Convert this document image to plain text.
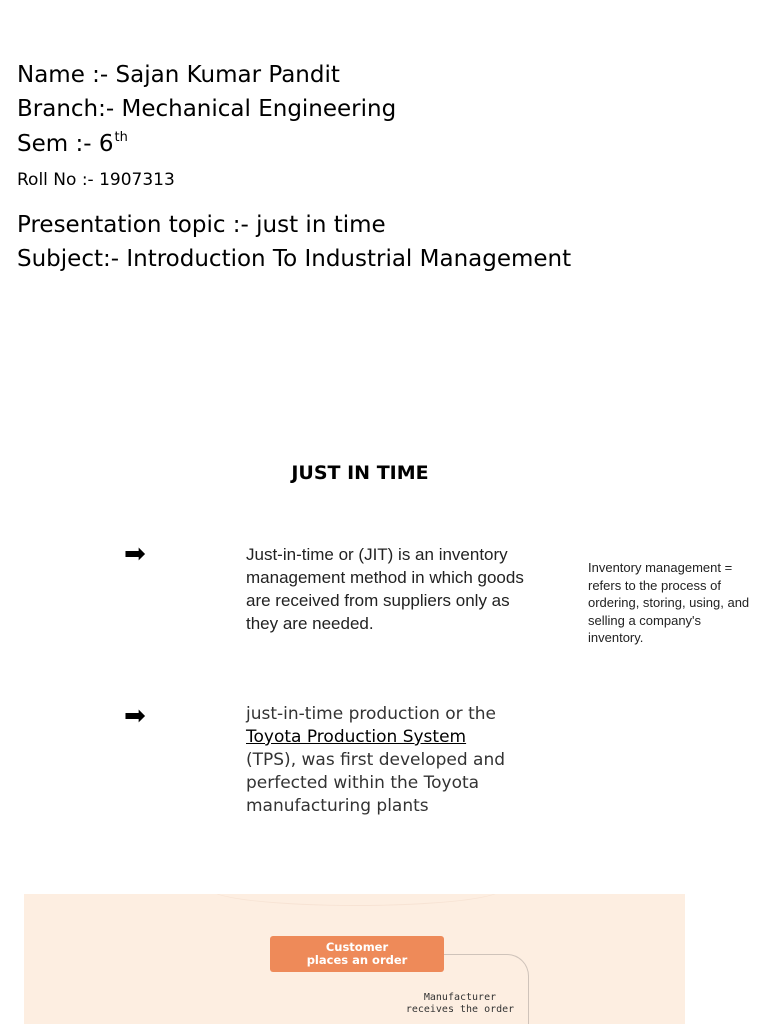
Name :- Sajan Kumar Pandit
Branch:- Mechanical Engineering
Sem :- 6th
Roll No :- 1907313
Presentation topic :- just in time
Subject:- Introduction To Industrial Management
JUST IN TIME
➡	Just-in-time or (JIT) is an inventory management method in which goods are received from suppliers only as they are needed.
➡	just-in-time production or the
Toyota Production System
(TPS), was first developed and perfected within the Toyota manufacturing plants
Inventory management = refers to the process of ordering, storing, using, and selling a company's inventory.
Customer
places an order
Manufacturer
receives the order
